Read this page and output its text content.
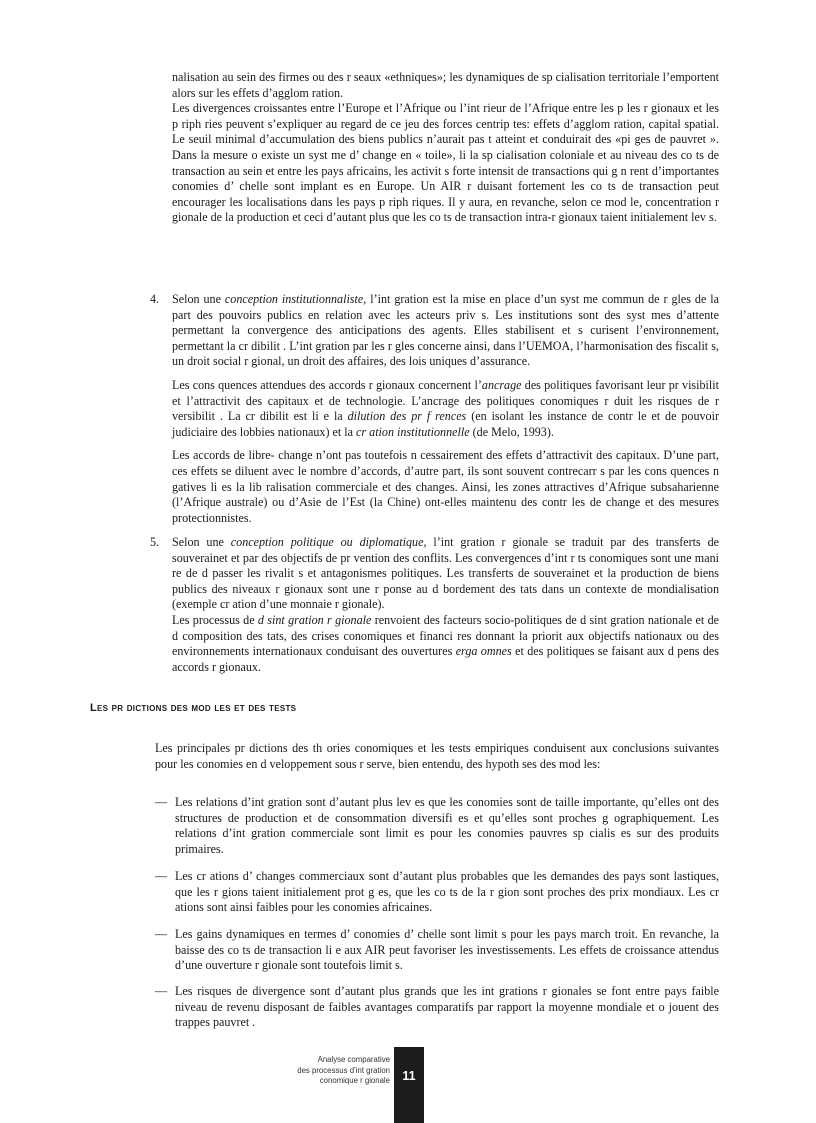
nalisation au sein des firmes ou des r seaux «ethniques»; les dynamiques de sp cialisation territoriale l’emportent alors sur les effets d’agglom ration.

Les divergences croissantes entre l’Europe et l’Afrique ou l’int rieur de l’Afrique entre les p les r gionaux et les p riph ries peuvent s’expliquer au regard de ce jeu des forces centrip tes: effets d’agglom ration, capital spatial. Le seuil minimal d’accumulation des biens publics n’aurait pas t atteint et conduirait des «pi ges de pauvret ». Dans la mesure o existe un syst me d’ change en « toile», li la sp cialisation coloniale et au niveau des co ts de transaction au sein et entre les pays africains, les activit s forte intensit de transactions qui g n rent d’importantes conomies d’ chelle sont implant es en Europe. Un AIR r duisant fortement les co ts de transaction peut encourager les localisations dans les pays p riph riques. Il y aura, en revanche, selon ce mod le, concentration r gionale de la production et ceci d’autant plus que les co ts de transaction intra-r gionaux taient initialement lev s.

4. Selon une conception institutionnaliste, l’int gration est la mise en place d’un syst me commun de r gles de la part des pouvoirs publics en relation avec les acteurs priv s. Les institutions sont des syst mes d’attente permettant la convergence des anticipations des agents. Elles stabilisent et s curisent l’environnement, permettant la cr dibilit . L’int gration par les r gles concerne ainsi, dans l’UEMOA, l’harmonisation des fiscalit s, un droit social r gional, un droit des affaires, des lois uniques d’assurance.

Les cons quences attendues des accords r gionaux concernent l’ancrage des politiques favorisant leur pr visibilit et l’attractivit des capitaux et de technologie. L’ancrage des politiques conomiques r duit les risques de r versibilit . La cr dibilit est li e la dilution des pr f rences (en isolant les instance de contr le et de pouvoir judiciaire des lobbies nationaux) et la cr ation institutionnelle (de Melo, 1993).

Les accords de libre- change n’ont pas toutefois n cessairement des effets d’attractivit des capitaux. D’une part, ces effets se diluent avec le nombre d’accords, d’autre part, ils sont souvent contrecarr s par les cons quences n gatives li es la lib ralisation commerciale et des changes. Ainsi, les zones attractives d’Afrique subsaharienne (l’Afrique australe) ou d’Asie de l’Est (la Chine) ont-elles maintenu des contr les de change et des mesures protectionnistes.

5. Selon une conception politique ou diplomatique, l’int gration r gionale se traduit par des transferts de souverainet et par des objectifs de pr vention des conflits. Les convergences d’int r ts conomiques sont une mani re de d passer les rivalit s et antagonismes politiques. Les transferts de souverainet et la production de biens publics des niveaux r gionaux sont une r ponse au d bordement des tats dans un contexte de mondialisation (exemple cr ation d’une monnaie r gionale).

Les processus de d sint gration r gionale renvoient des facteurs socio-politiques de d sint gration nationale et de d composition des tats, des crises conomiques et financi res donnant la priorit aux objectifs nationaux ou des environnements internationaux conduisant des ouvertures erga omnes et des politiques se faisant aux d pens des accords r gionaux.

Les pr dictions des mod les et des tests

Les principales pr dictions des th ories conomiques et les tests empiriques conduisent aux conclusions suivantes pour les conomies en d veloppement sous r serve, bien entendu, des hypoth ses des mod les:

— Les relations d’int gration sont d’autant plus lev es que les conomies sont de taille importante, qu’elles ont des structures de production et de consommation diversifi es et qu’elles sont proches g ographiquement. Les relations d’int gration commerciale sont limit es pour les conomies pauvres sp cialis es sur des produits primaires.

— Les cr ations d’ changes commerciaux sont d’autant plus probables que les demandes des pays sont lastiques, que les r gions taient initialement prot g es, que les co ts de la r gion sont proches des prix mondiaux. Les cr ations sont ainsi faibles pour les conomies africaines.

— Les gains dynamiques en termes d’ conomies d’ chelle sont limit s pour les pays march troit. En revanche, la baisse des co ts de transaction li e aux AIR peut favoriser les investissements. Les effets de croissance attendus d’une ouverture r gionale sont toutefois limit s.

— Les risques de divergence sont d’autant plus grands que les int grations r gionales se font entre pays faible niveau de revenu disposant de faibles avantages comparatifs par rapport la moyenne mondiale et o jouent des trappes pauvret .

Analyse comparative
des processus d’int gration
conomique r gionale 11
